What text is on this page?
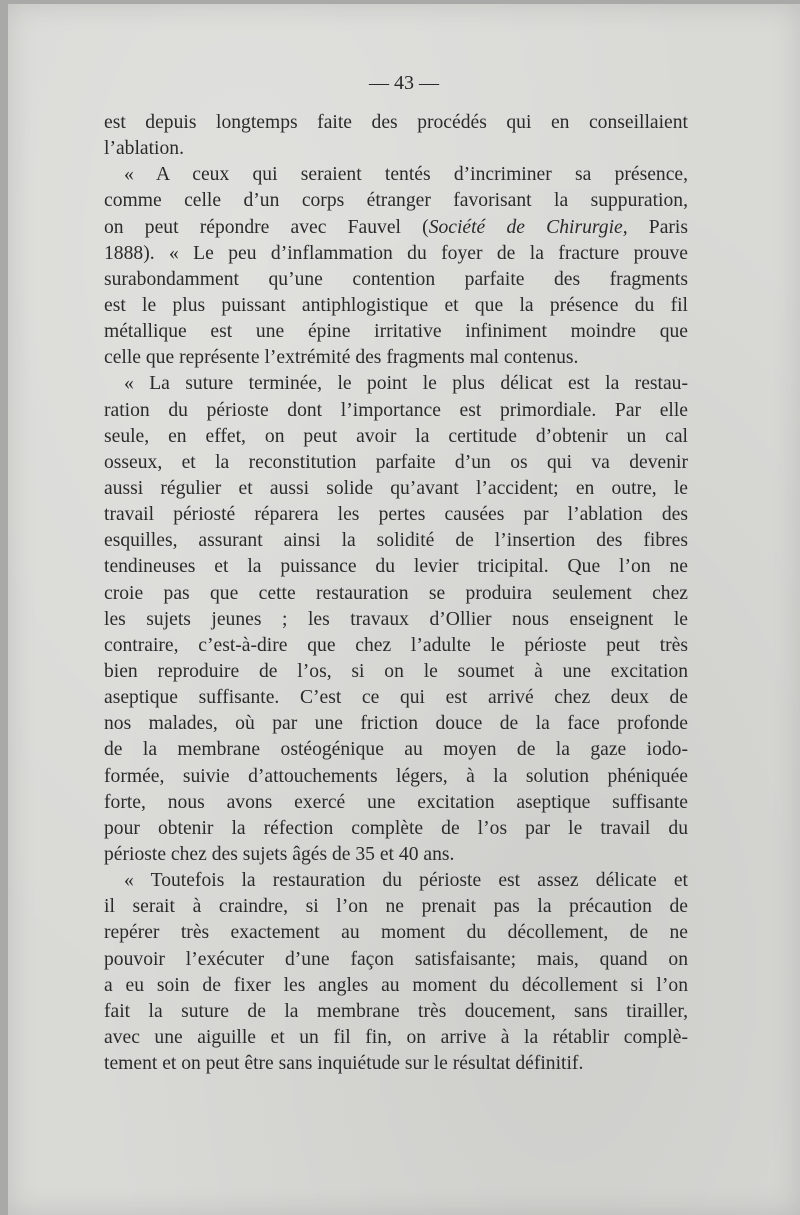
— 43 —

est depuis longtemps faite des procédés qui en conseillaient
l’ablation.
« A ceux qui seraient tentés d’incriminer sa présence,
comme celle d’un corps étranger favorisant la suppuration,
on peut répondre avec Fauvel (Société de Chirurgie, Paris
1888). « Le peu d’inflammation du foyer de la fracture prouve
surabondamment qu’une contention parfaite des fragments
est le plus puissant antiphlogistique et que la présence du fil
métallique est une épine irritative infiniment moindre que
celle que représente l’extrémité des fragments mal contenus.
« La suture terminée, le point le plus délicat est la restau-
ration du périoste dont l’importance est primordiale. Par elle
seule, en effet, on peut avoir la certitude d’obtenir un cal
osseux, et la reconstitution parfaite d’un os qui va devenir
aussi régulier et aussi solide qu’avant l’accident; en outre, le
travail périosté réparera les pertes causées par l’ablation des
esquilles, assurant ainsi la solidité de l’insertion des fibres
tendineuses et la puissance du levier tricipital. Que l’on ne
croie pas que cette restauration se produira seulement chez
les sujets jeunes ; les travaux d’Ollier nous enseignent le
contraire, c’est-à-dire que chez l’adulte le périoste peut très
bien reproduire de l’os, si on le soumet à une excitation
aseptique suffisante. C’est ce qui est arrivé chez deux de
nos malades, où par une friction douce de la face profonde
de la membrane ostéogénique au moyen de la gaze iodo-
formée, suivie d’attouchements légers, à la solution phéniquée
forte, nous avons exercé une excitation aseptique suffisante
pour obtenir la réfection complète de l’os par le travail du
périoste chez des sujets âgés de 35 et 40 ans.
« Toutefois la restauration du périoste est assez délicate et
il serait à craindre, si l’on ne prenait pas la précaution de
repérer très exactement au moment du décollement, de ne
pouvoir l’exécuter d’une façon satisfaisante; mais, quand on
a eu soin de fixer les angles au moment du décollement si l’on
fait la suture de la membrane très doucement, sans tirailler,
avec une aiguille et un fil fin, on arrive à la rétablir complè-
tement et on peut être sans inquiétude sur le résultat définitif.
